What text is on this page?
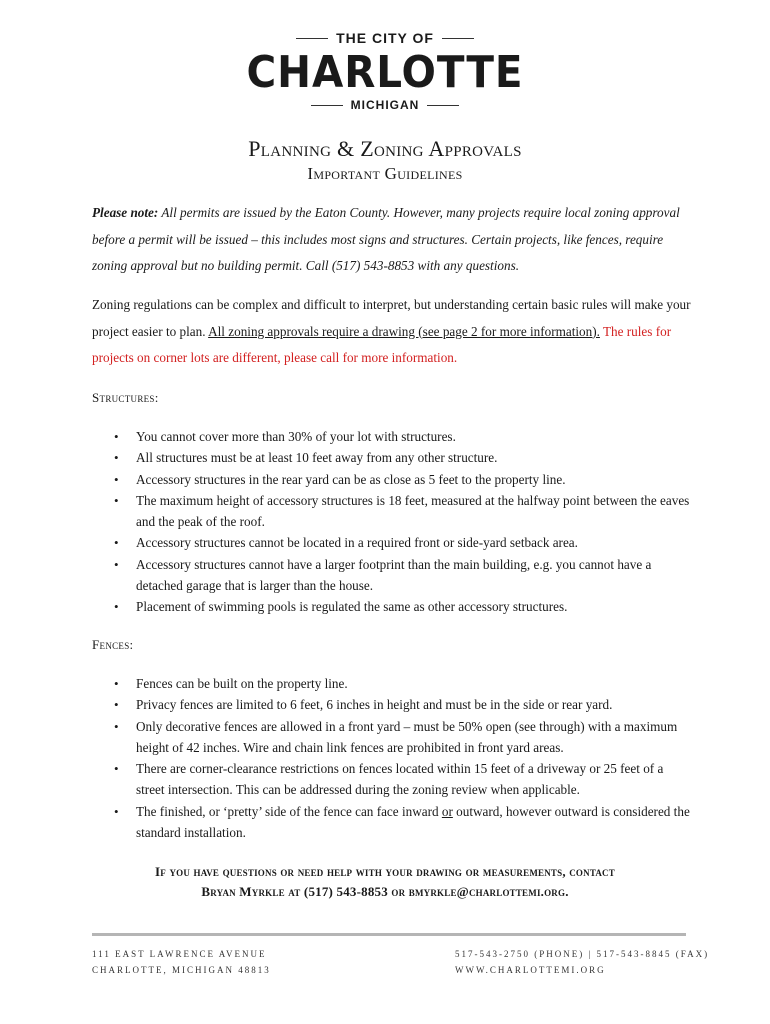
THE CITY OF
CHARLOTTE
MICHIGAN
Planning & Zoning Approvals
Important Guidelines
Please note: All permits are issued by the Eaton County. However, many projects require local zoning approval before a permit will be issued – this includes most signs and structures. Certain projects, like fences, require zoning approval but no building permit. Call (517) 543-8853 with any questions.
Zoning regulations can be complex and difficult to interpret, but understanding certain basic rules will make your project easier to plan. All zoning approvals require a drawing (see page 2 for more information). The rules for projects on corner lots are different, please call for more information.
Structures:
• You cannot cover more than 30% of your lot with structures.
• All structures must be at least 10 feet away from any other structure.
• Accessory structures in the rear yard can be as close as 5 feet to the property line.
• The maximum height of accessory structures is 18 feet, measured at the halfway point between the eaves and the peak of the roof.
• Accessory structures cannot be located in a required front or side-yard setback area.
• Accessory structures cannot have a larger footprint than the main building, e.g. you cannot have a detached garage that is larger than the house.
• Placement of swimming pools is regulated the same as other accessory structures.
Fences:
• Fences can be built on the property line.
• Privacy fences are limited to 6 feet, 6 inches in height and must be in the side or rear yard.
• Only decorative fences are allowed in a front yard – must be 50% open (see through) with a maximum height of 42 inches. Wire and chain link fences are prohibited in front yard areas.
• There are corner-clearance restrictions on fences located within 15 feet of a driveway or 25 feet of a street intersection. This can be addressed during the zoning review when applicable.
• The finished, or ‘pretty’ side of the fence can face inward or outward, however outward is considered the standard installation.
If you have questions or need help with your drawing or measurements, contact
Bryan Myrkle at (517) 543-8853 or bmyrkle@charlottemi.org.
111 EAST LAWRENCE AVENUE
CHARLOTTE, MICHIGAN 48813
517-543-2750 (PHONE) | 517-543-8845 (FAX)
WWW.CHARLOTTEMI.ORG
